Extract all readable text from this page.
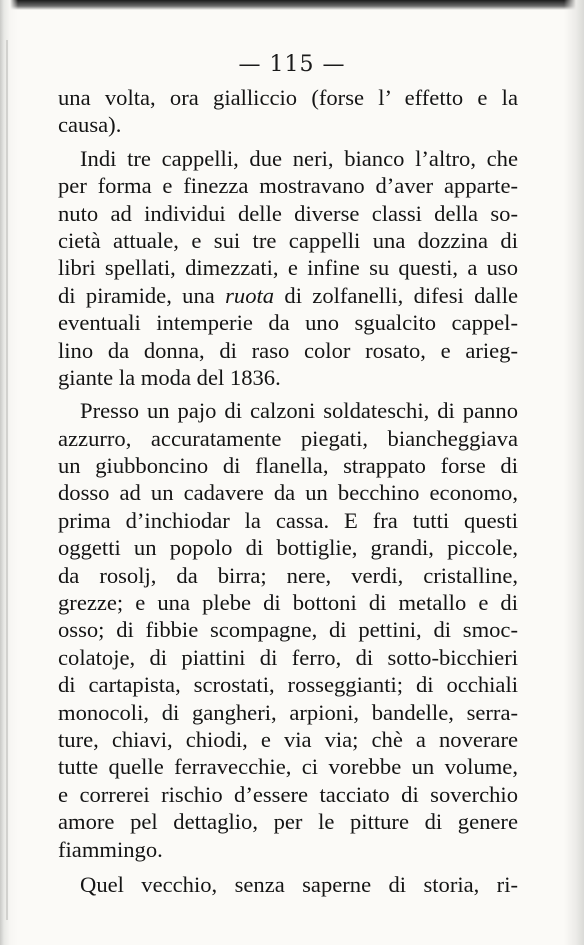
— 115 —
una volta, ora gialliccio (forse l’ effetto e la
causa).
Indi tre cappelli, due neri, bianco l’altro, che
per forma e finezza mostravano d’aver apparte-
nuto ad individui delle diverse classi della so-
cietà attuale, e sui tre cappelli una dozzina di
libri spellati, dimezzati, e infine su questi, a uso
di piramide, una ruota di zolfanelli, difesi dalle
eventuali intemperie da uno sgualcito cappel-
lino da donna, di raso color rosato, e arieg-
giante la moda del 1836.
Presso un pajo di calzoni soldateschi, di panno
azzurro, accuratamente piegati, biancheggiava
un giubboncino di flanella, strappato forse di
dosso ad un cadavere da un becchino economo,
prima d’inchiodar la cassa. E fra tutti questi
oggetti un popolo di bottiglie, grandi, piccole,
da rosolj, da birra; nere, verdi, cristalline,
grezze; e una plebe di bottoni di metallo e di
osso; di fibbie scompagne, di pettini, di smoc-
colatoje, di piattini di ferro, di sotto-bicchieri
di cartapista, scrostati, rosseggianti; di occhiali
monocoli, di gangheri, arpioni, bandelle, serra-
ture, chiavi, chiodi, e via via; chè a noverare
tutte quelle ferravecchie, ci vorebbe un volume,
e correrei rischio d’essere tacciato di soverchio
amore pel dettaglio, per le pitture di genere
fiammingo.
Quel vecchio, senza saperne di storia, ri-
